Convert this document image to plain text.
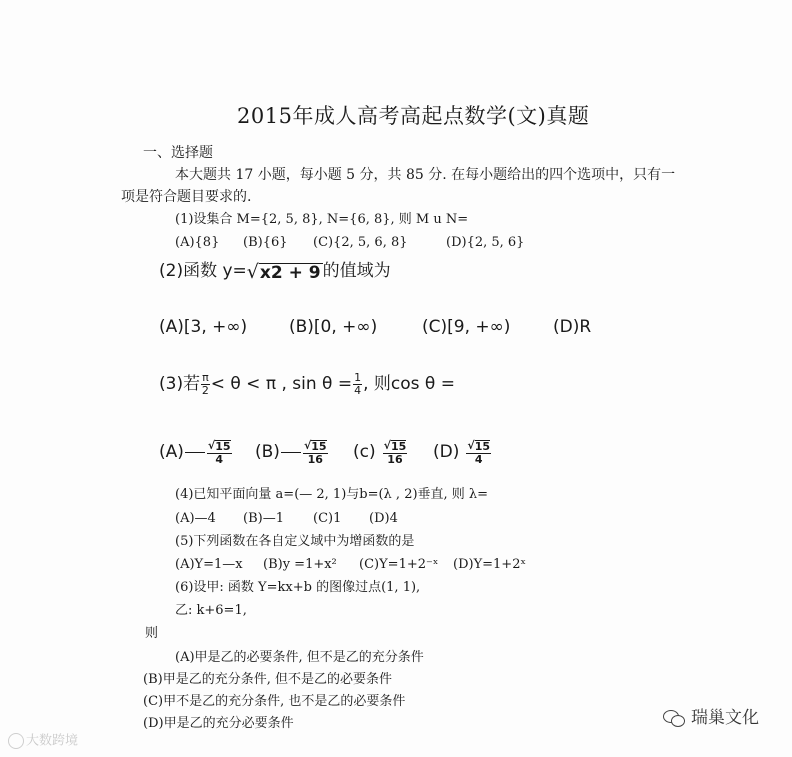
2015年成人高考高起点数学(文)真题
一、选择题
本大题共 17 小题，每小题 5 分，共 85 分. 在每小题给出的四个选项中，只有一
项是符合题目要求的.
(1)设集合 M={2, 5, 8}, N={6, 8}, 则 M u N=
(A){8} (B){6} (C){2, 5, 6, 8}	(D){2, 5, 6}
(2)函数 y= √ x2 + 9 的值域为
(A)[3, +∞) (B)[0, +∞)	(C)[9, +∞)	(D)R
(3)若 $\frac{\pi}{2} < \theta < \pi$ , $\sin \theta = \frac{1}{4}$ , 则cos θ =
$(A) \frac{√ 15}{4} (B) \frac{√ 15}{16} (c) \frac{√ 15}{16} (D) \frac{√ 15}{4}$
(4)已知平面向量 a=(— 2, 1)与b=(λ , 2)垂直, 则 λ=
(A)—4 (B)—1 (C)1 (D)4
(5)下列函数在各自定义域中为增函数的是
(A)Y=1—x (B)y =1+x² (C)Y=1+2⁻ˣ (D)Y=1+2ˣ
(6)设甲: 函数 Y=kx+b 的图像过点(1, 1),
乙: k+6=1,
则
(A)甲是乙的必要条件, 但不是乙的充分条件
(B)甲是乙的充分条件, 但不是乙的必要条件
(C)甲不是乙的充分条件, 也不是乙的必要条件
(D)甲是乙的充分必要条件
大数跨境
瑞巢文化
